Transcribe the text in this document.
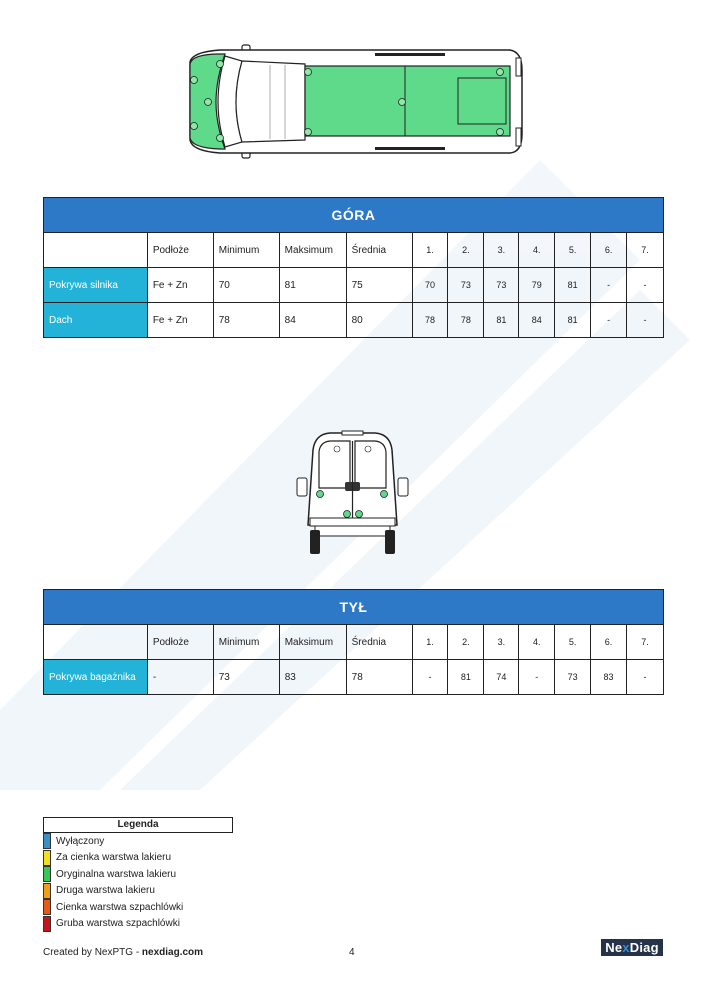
GÓRA											
	Podłoże	Minimum	Maksimum	Średnia	1.	2.	3.	4.	5.	6.	7.
Pokrywa silnika	Fe + Zn	70	81	75	70	73	73	79	81	-	-
Dach	Fe + Zn	78	84	80	78	78	81	84	81	-	-
TYŁ											
	Podłoże	Minimum	Maksimum	Średnia	1.	2.	3.	4.	5.	6.	7.
Pokrywa bagażnika	-	73	83	78	-	81	74	-	73	83	-
Legenda
Wyłączony
Za cienka warstwa lakieru
Oryginalna warstwa lakieru
Druga warstwa lakieru
Cienka warstwa szpachlówki
Gruba warstwa szpachlówki
Created by NexPTG - nexdiag.com	4	Ne x Diag
